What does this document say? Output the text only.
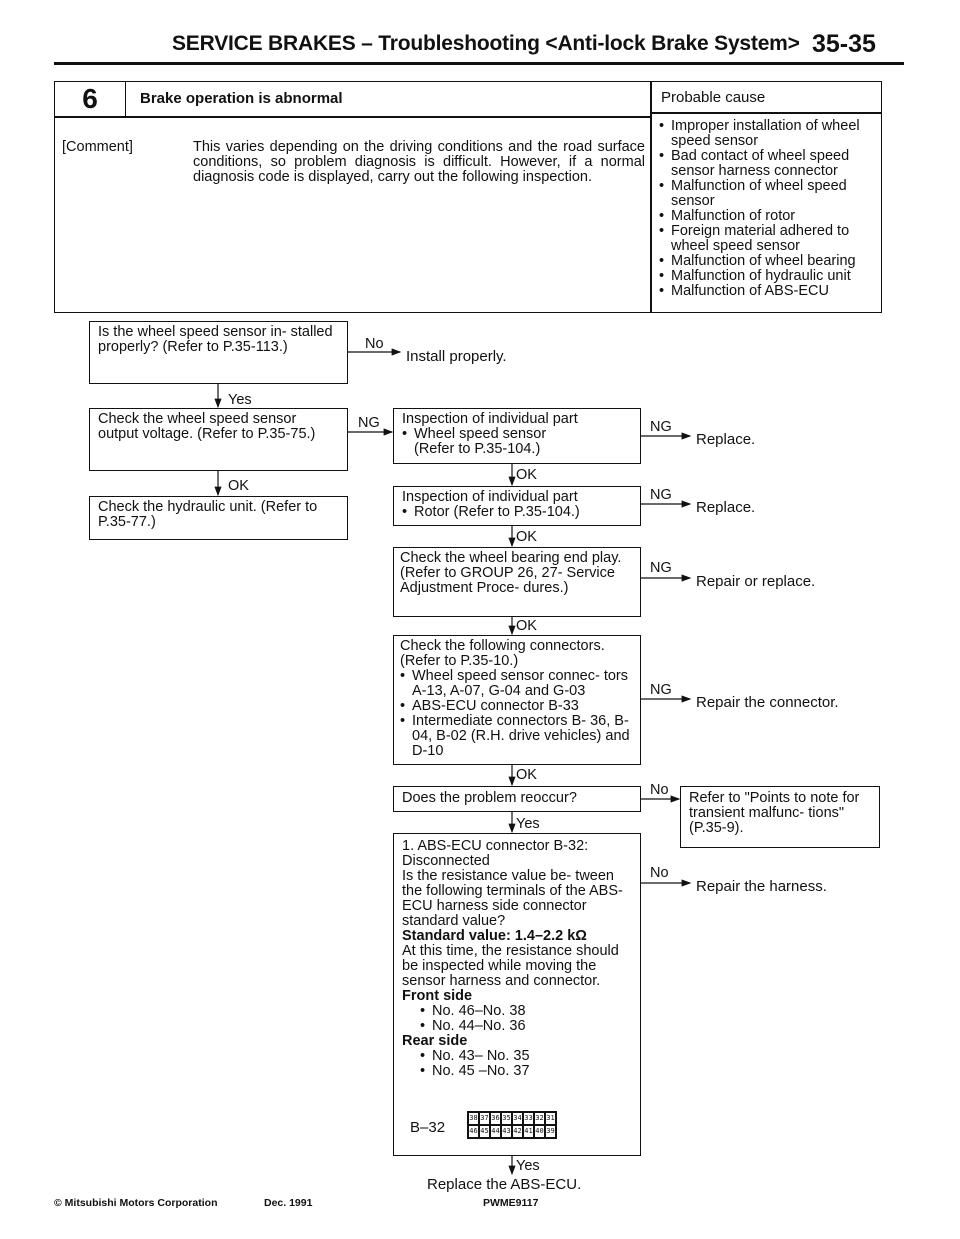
SERVICE BRAKES – Troubleshooting <Anti-lock Brake System> 35-35
6	Brake operation is abnormal	Probable cause
[Comment]	This varies depending on the driving conditions and the road surface conditions, so problem diagnosis is difficult. However, if a normal diagnosis code is displayed, carry out the following inspection.
• Improper installation of wheel speed sensor
• Bad contact of wheel speed sensor harness connector
• Malfunction of wheel speed sensor
• Malfunction of rotor
• Foreign material adhered to wheel speed sensor
• Malfunction of wheel bearing
• Malfunction of hydraulic unit
• Malfunction of ABS-ECU
Is the wheel speed sensor in- stalled properly? (Refer to P.35-113.)
Check the wheel speed sensor output voltage. (Refer to P.35-75.)
Check the hydraulic unit. (Refer to P.35-77.)
Inspection of individual part
• Wheel speed sensor
(Refer to P.35-104.)
Inspection of individual part
• Rotor (Refer to P.35-104.)
Check the wheel bearing end play. (Refer to GROUP 26, 27- Service Adjustment Proce- dures.)
Check the following connectors. (Refer to P.35-10.)
• Wheel speed sensor connec- tors A-13, A-07, G-04 and G-03
• ABS-ECU connector B-33
• Intermediate connectors B- 36, B-04, B-02 (R.H. drive vehicles) and D-10
Does the problem reoccur?	Refer to "Points to note for transient malfunc- tions" (P.35-9).
1. ABS-ECU connector B-32: Disconnected
Is the resistance value be- tween the following terminals of the ABS-ECU harness side connector standard value?
Standard value: 1.4–2.2 kΩ
At this time, the resistance should be inspected while moving the sensor harness and connector.
Front side
• No. 46–No. 38
• No. 44–No. 36
Rear side
• No. 43– No. 35
• No. 45 –No. 37
B–32
38 37 36 35 34 33 32 31
46 45 44 43 42 41 40 39
No
Install properly.
Yes
NG
OK
NG
Replace.
OK
NG
Replace.
OK
NG
Repair or replace.
OK
NG
Repair the connector.
OK
No
Yes
No
Repair the harness.
Yes
Replace the ABS-ECU.
© Mitsubishi Motors Corporation	Dec. 1991	PWME9117
